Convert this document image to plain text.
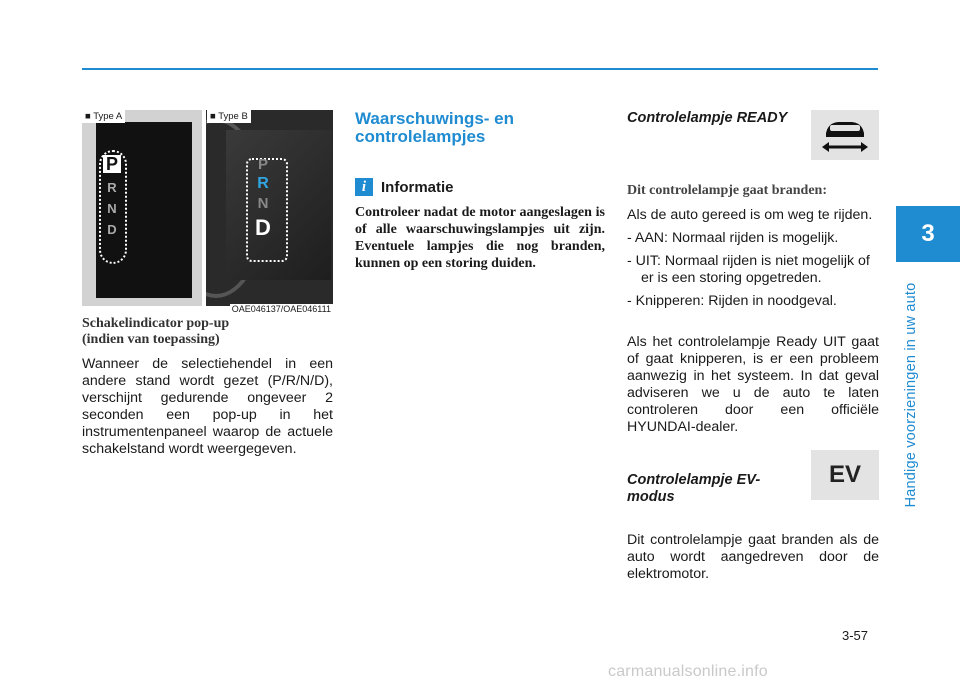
3
Handige voorzieningen in uw auto
P
R
N
D
P
R
N
D
■ Type A	■ Type B
OAE046137/OAE046111
Schakelindicator pop-up
(indien van toepassing)

Wanneer de selectiehendel in een andere stand wordt gezet (P/R/N/D), verschijnt gedurende ongeveer 2 seconden een pop-up in het instrumentenpaneel waarop de actuele schakelstand wordt weergegeven.

Waarschuwings- en
controlelampjes
i Informatie

Controleer nadat de motor aangeslagen is of alle waarschuwingslampjes uit zijn. Eventuele lampjes die nog branden, kunnen op een storing duiden.

Controlelampje READY
Dit controlelampje gaat branden:

Als de auto gereed is om weg te rijden.

- AAN: Normaal rijden is mogelijk.
- UIT: Normaal rijden is niet mogelijk of er is een storing opgetreden.
- Knipperen: Rijden in noodgeval.

Als het controlelampje Ready UIT gaat of gaat knipperen, is er een probleem aanwezig in het systeem. In dat geval adviseren we u de auto te laten controleren door een officiële HYUNDAI-dealer.

Controlelampje EV-
modus
EV

Dit controlelampje gaat branden als de auto wordt aangedreven door de elektromotor.

3-57
carmanualsonline.info
